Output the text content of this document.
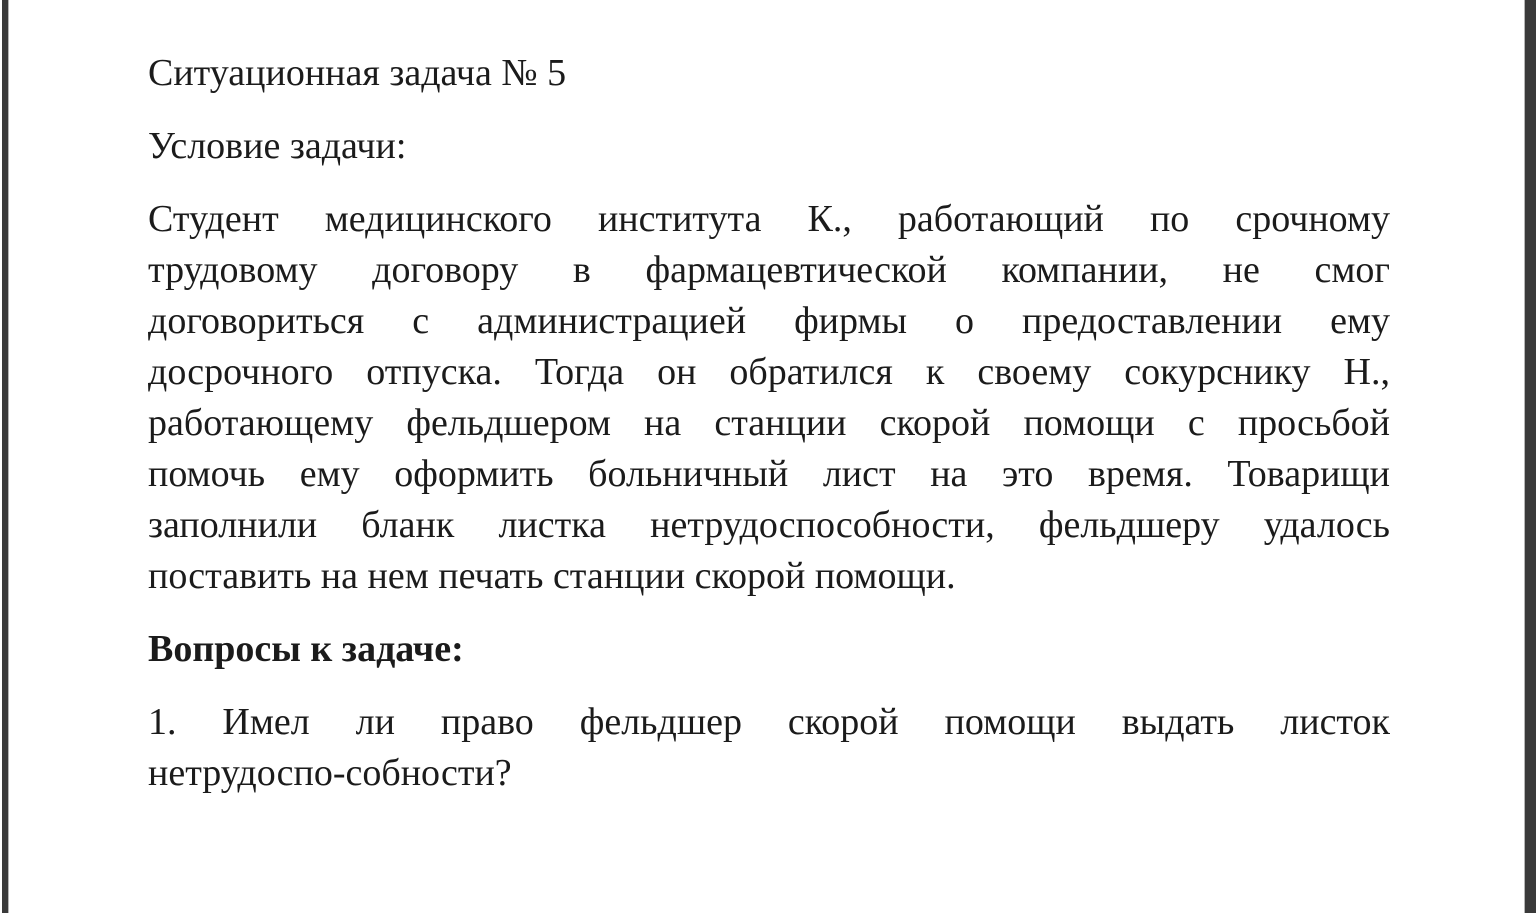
Ситуационная задача № 5

Условие задачи:

Студент медицинского института К., работающий по срочному
трудовому договору в фармацевтической компании, не смог
договориться с администрацией фирмы о предоставлении ему
досрочного отпуска. Тогда он обратился к своему сокурснику Н.,
работающему фельдшером на станции скорой помощи с просьбой
помочь ему оформить больничный лист на это время. Товарищи
заполнили бланк листка нетрудоспособности, фельдшеру удалось
поставить на нем печать станции скорой помощи.

Вопросы к задаче:

1. Имел ли право фельдшер скорой помощи выдать листок
нетрудоспо-собности?
